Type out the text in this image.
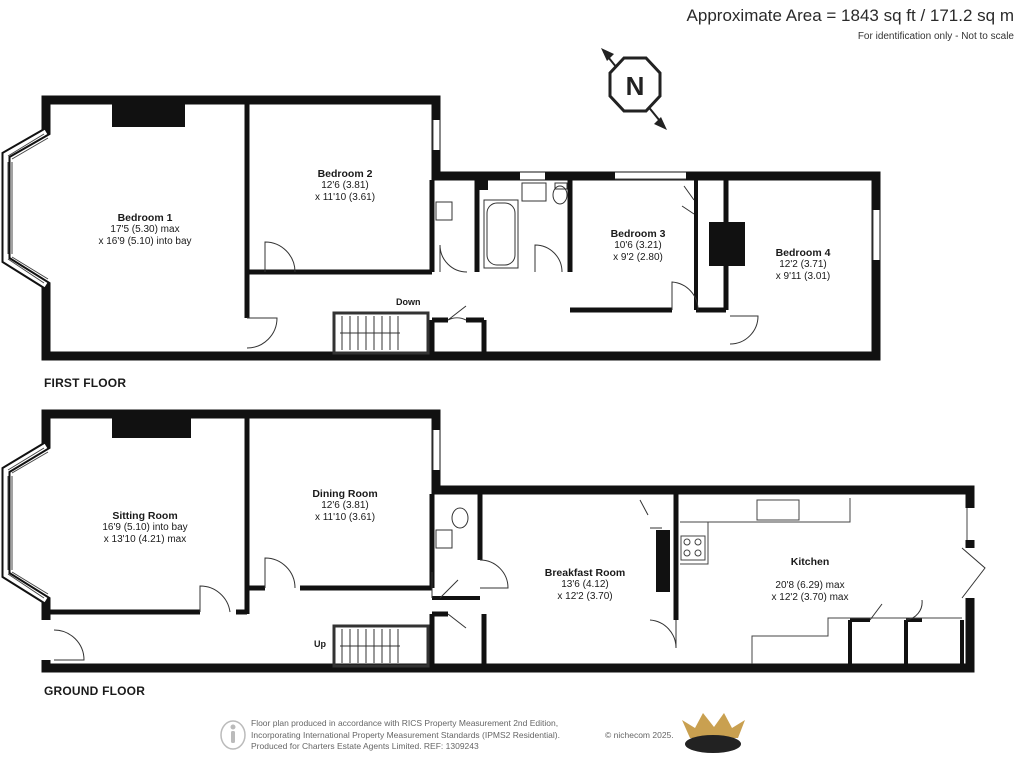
Approximate Area = 1843 sq ft / 171.2 sq m
For identification only - Not to scale
N
Bedroom 1
17'5 (5.30) max
x 16'9 (5.10) into bay
Bedroom 2
12'6 (3.81)
x 11'10 (3.61)
Bedroom 3
10'6 (3.21)
x 9'2 (2.80)	Bedroom 4
12'2 (3.71)
x 9'11 (3.01)
Down
FIRST FLOOR
Sitting Room
16'9 (5.10) into bay
x 13'10 (4.21) max
Dining Room
12'6 (3.81)
x 11'10 (3.61)
Breakfast Room
13'6 (4.12)
x 12'2 (3.70)
Kitchen
20'8 (6.29) max
x 12'2 (3.70) max
Up
GROUND FLOOR
Floor plan produced in accordance with RICS Property Measurement 2nd Edition,
Incorporating International Property Measurement Standards (IPMS2 Residential).
Produced for Charters Estate Agents Limited. REF: 1309243
© nichecom 2025.
